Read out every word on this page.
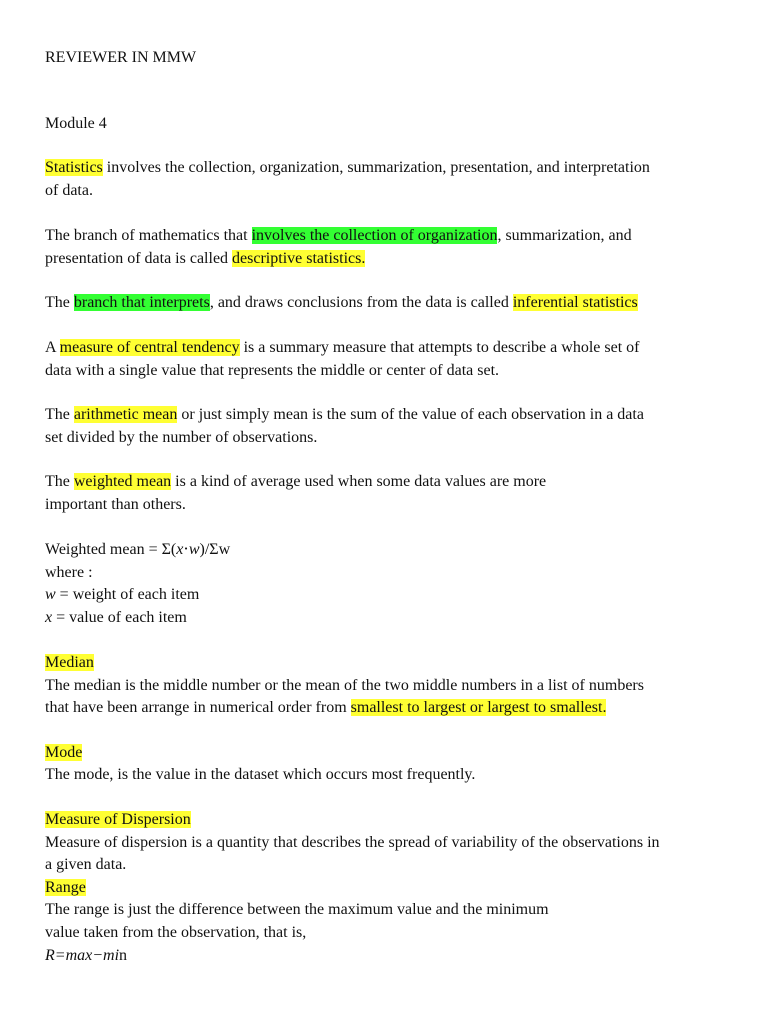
REVIEWER IN MMW
Module 4
Statistics involves the collection, organization, summarization, presentation, and interpretation
of data.
The branch of mathematics that involves the collection of organization, summarization, and
presentation of data is called descriptive statistics.
The branch that interprets, and draws conclusions from the data is called inferential statistics
A measure of central tendency is a summary measure that attempts to describe a whole set of
data with a single value that represents the middle or center of data set.
The arithmetic mean or just simply mean is the sum of the value of each observation in a data
set divided by the number of observations.
The weighted mean is a kind of average used when some data values are more
important than others.
Weighted mean = Σ(x⋅w)/Σw
where :
w = weight of each item
x = value of each item
Median
The median is the middle number or the mean of the two middle numbers in a list of numbers
that have been arrange in numerical order from smallest to largest or largest to smallest.
Mode
The mode, is the value in the dataset which occurs most frequently.
Measure of Dispersion
Measure of dispersion is a quantity that describes the spread of variability of the observations in
a given data.
Range
The range is just the difference between the maximum value and the minimum
value taken from the observation, that is,
R=max−min
